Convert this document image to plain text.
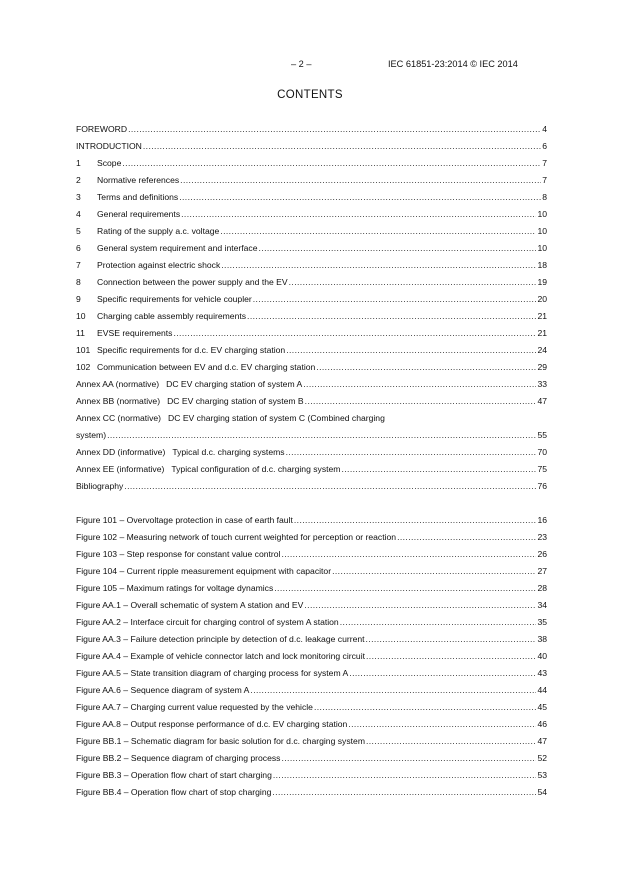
– 2 –	IEC 61851-23:2014 © IEC 2014
CONTENTS
FOREWORD .....	4
INTRODUCTION .....	6
1	Scope .....	7
2	Normative references .....	7
3	Terms and definitions .....	8
4	General requirements .....	10
5	Rating of the supply a.c. voltage .....	10
6	General system requirement and interface .....	10
7	Protection against electric shock .....	18
8	Connection between the power supply and the EV .....	19
9	Specific requirements for vehicle coupler .....	20
10	Charging cable assembly requirements .....	21
11	EVSE requirements .....	21
101 Specific requirements for d.c. EV charging station .....	24
102 Communication between EV and d.c. EV charging station .....	29
Annex AA (normative) DC EV charging station of system A .....	33
Annex BB (normative) DC EV charging station of system B .....	47
Annex CC (normative) DC EV charging station of system C (Combined charging
system) .....	55
Annex DD (informative) Typical d.c. charging systems .....	70
Annex EE (informative) Typical configuration of d.c. charging system .....	75
Bibliography .....	76
Figure 101 – Overvoltage protection in case of earth fault .....	16
Figure 102 – Measuring network of touch current weighted for perception or reaction .....	23
Figure 103 – Step response for constant value control .....	26
Figure 104 – Current ripple measurement equipment with capacitor .....	27
Figure 105 – Maximum ratings for voltage dynamics .....	28
Figure AA.1 – Overall schematic of system A station and EV .....	34
Figure AA.2 – Interface circuit for charging control of system A station .....	35
Figure AA.3 – Failure detection principle by detection of d.c. leakage current .....	38
Figure AA.4 – Example of vehicle connector latch and lock monitoring circuit .....	40
Figure AA.5 – State transition diagram of charging process for system A .....	43
Figure AA.6 – Sequence diagram of system A .....	44
Figure AA.7 – Charging current value requested by the vehicle .....	45
Figure AA.8 – Output response performance of d.c. EV charging station .....	46
Figure BB.1 – Schematic diagram for basic solution for d.c. charging system .....	47
Figure BB.2 – Sequence diagram of charging process .....	52
Figure BB.3 – Operation flow chart of start charging .....	53
Figure BB.4 – Operation flow chart of stop charging .....	54
